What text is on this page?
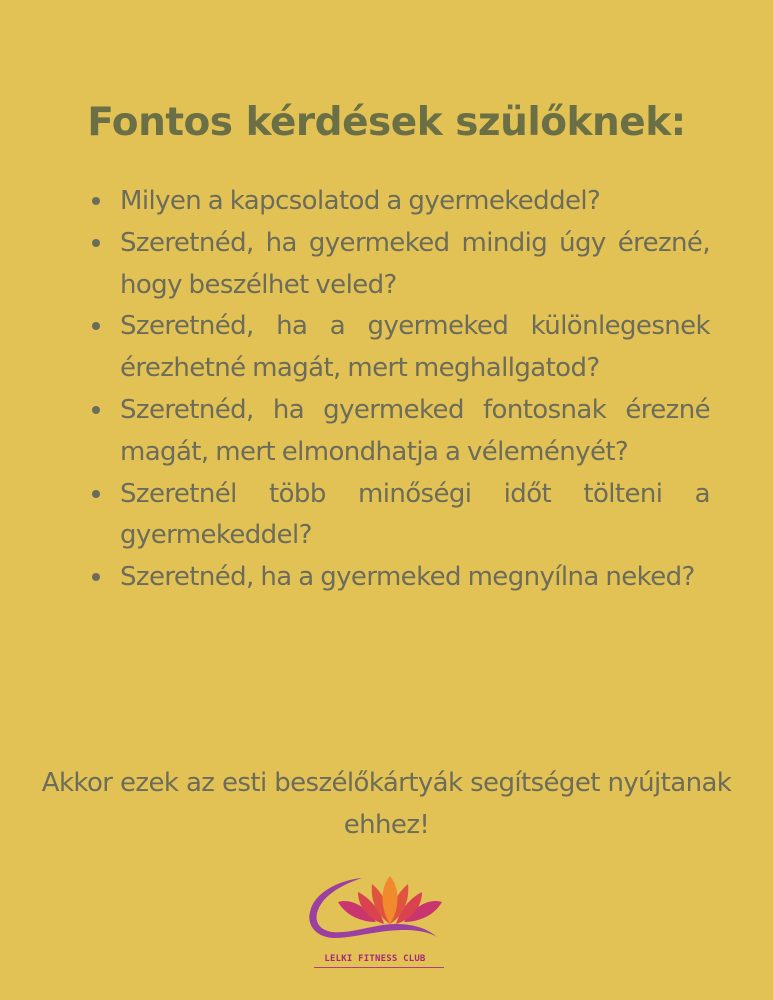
Fontos kérdések szülőknek:
Milyen a kapcsolatod a gyermekeddel?
Szeretnéd, ha gyermeked mindig úgy érezné, hogy beszélhet veled?
Szeretnéd, ha a gyermeked különlegesnek érezhetné magát, mert meghallgatod?
Szeretnéd, ha gyermeked fontosnak érezné magát, mert elmondhatja a véleményét?
Szeretnél több minőségi időt tölteni a gyermekeddel?
Szeretnéd, ha a gyermeked megnyílna neked?

Akkor ezek az esti beszélőkártyák segítséget nyújtanak ehhez!

LELKI FITNESS CLUB
